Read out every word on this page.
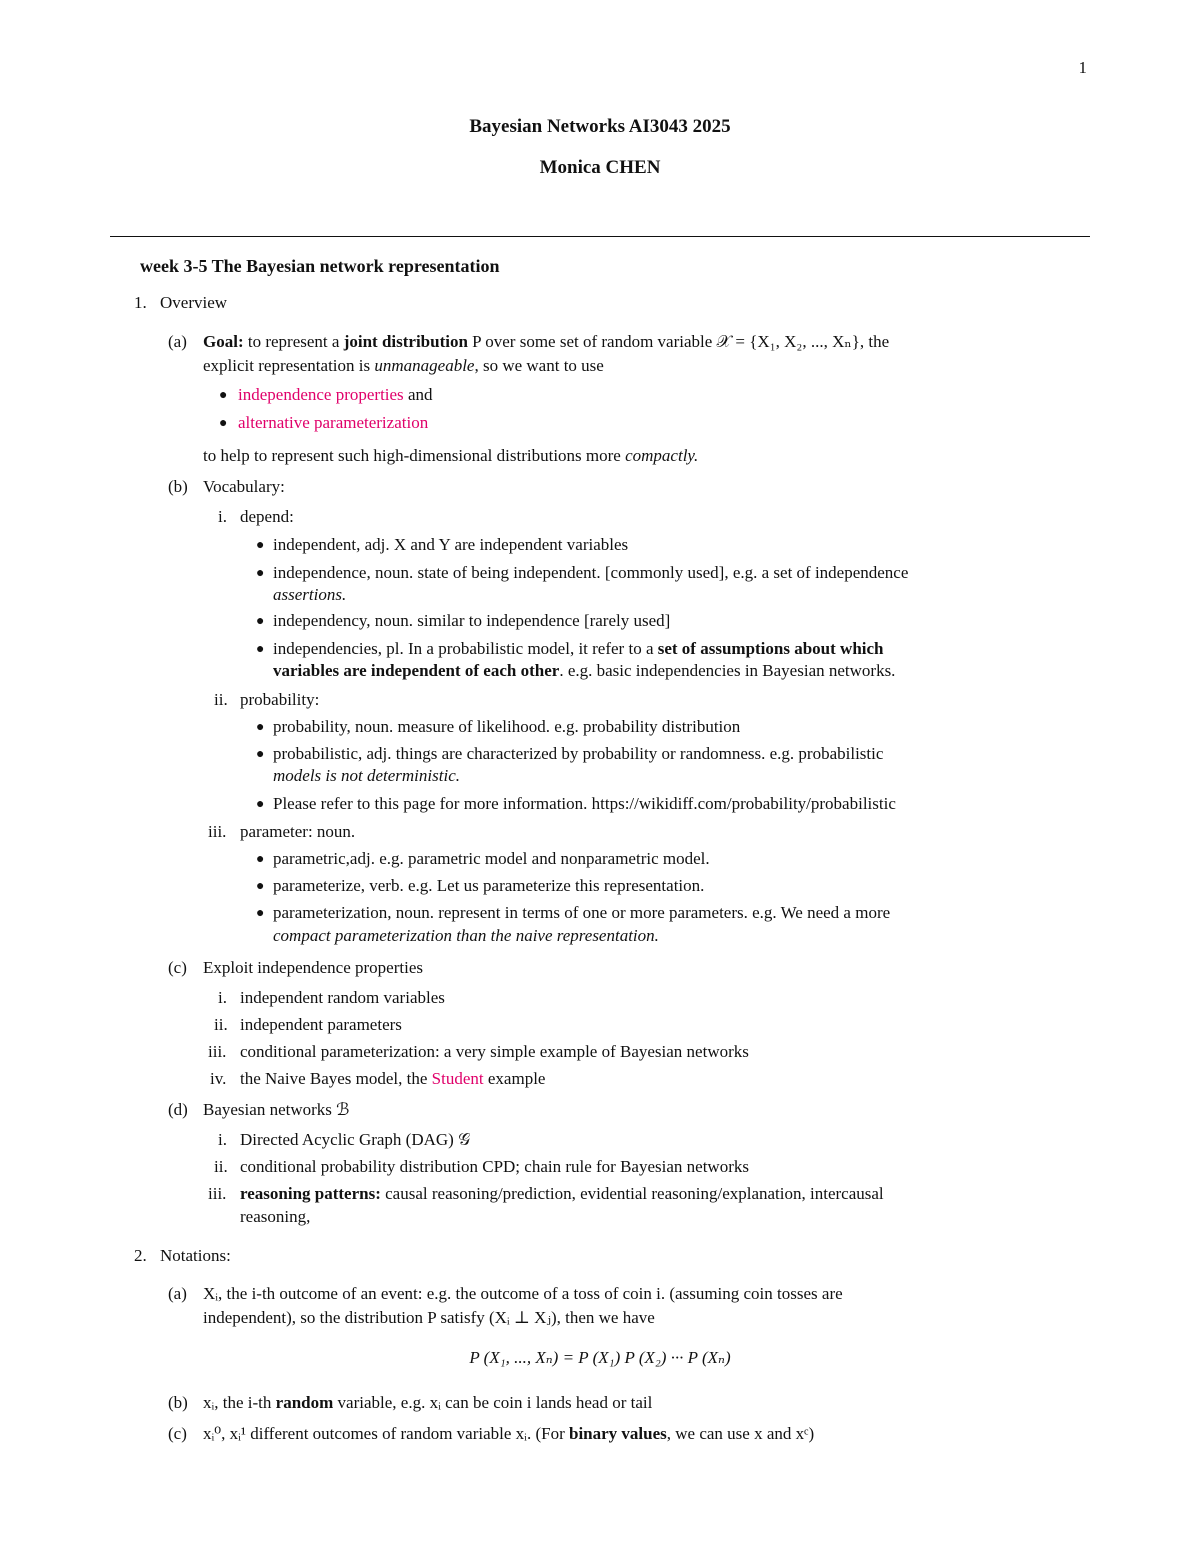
1
Bayesian Networks AI3043 2025
Monica CHEN
week 3-5 The Bayesian network representation
1. Overview
(a) Goal: to represent a joint distribution P over some set of random variable 𝒳 = {X₁, X₂, ..., Xₙ}, the
explicit representation is unmanageable, so we want to use
● independence properties and
● alternative parameterization
to help to represent such high-dimensional distributions more compactly.
(b) Vocabulary:
i. depend:
● independent, adj. X and Y are independent variables
● independence, noun. state of being independent. [commonly used], e.g. a set of independence
assertions.
● independency, noun. similar to independence [rarely used]
● independencies, pl. In a probabilistic model, it refer to a set of assumptions about which
variables are independent of each other. e.g. basic independencies in Bayesian networks.
ii. probability:
● probability, noun. measure of likelihood. e.g. probability distribution
● probabilistic, adj. things are characterized by probability or randomness. e.g. probabilistic
models is not deterministic.
● Please refer to this page for more information. https://wikidiff.com/probability/probabilistic
iii. parameter: noun.
● parametric,adj. e.g. parametric model and nonparametric model.
● parameterize, verb. e.g. Let us parameterize this representation.
● parameterization, noun. represent in terms of one or more parameters. e.g. We need a more
compact parameterization than the naive representation.
(c) Exploit independence properties
i. independent random variables
ii. independent parameters
iii. conditional parameterization: a very simple example of Bayesian networks
iv. the Naive Bayes model, the Student example
(d) Bayesian networks ℬ
i. Directed Acyclic Graph (DAG) 𝒢
ii. conditional probability distribution CPD; chain rule for Bayesian networks
iii. reasoning patterns: causal reasoning/prediction, evidential reasoning/explanation, intercausal
reasoning,
2. Notations:
(a) Xᵢ, the i-th outcome of an event: e.g. the outcome of a toss of coin i. (assuming coin tosses are
independent), so the distribution P satisfy (Xᵢ ⊥ Xⱼ), then we have
P (X₁, ..., Xₙ) = P (X₁) P (X₂) ··· P (Xₙ)
(b) xᵢ, the i-th random variable, e.g. xᵢ can be coin i lands head or tail
(c) xᵢ⁰, xᵢ¹ different outcomes of random variable xᵢ. (For binary values, we can use x and xᶜ)
